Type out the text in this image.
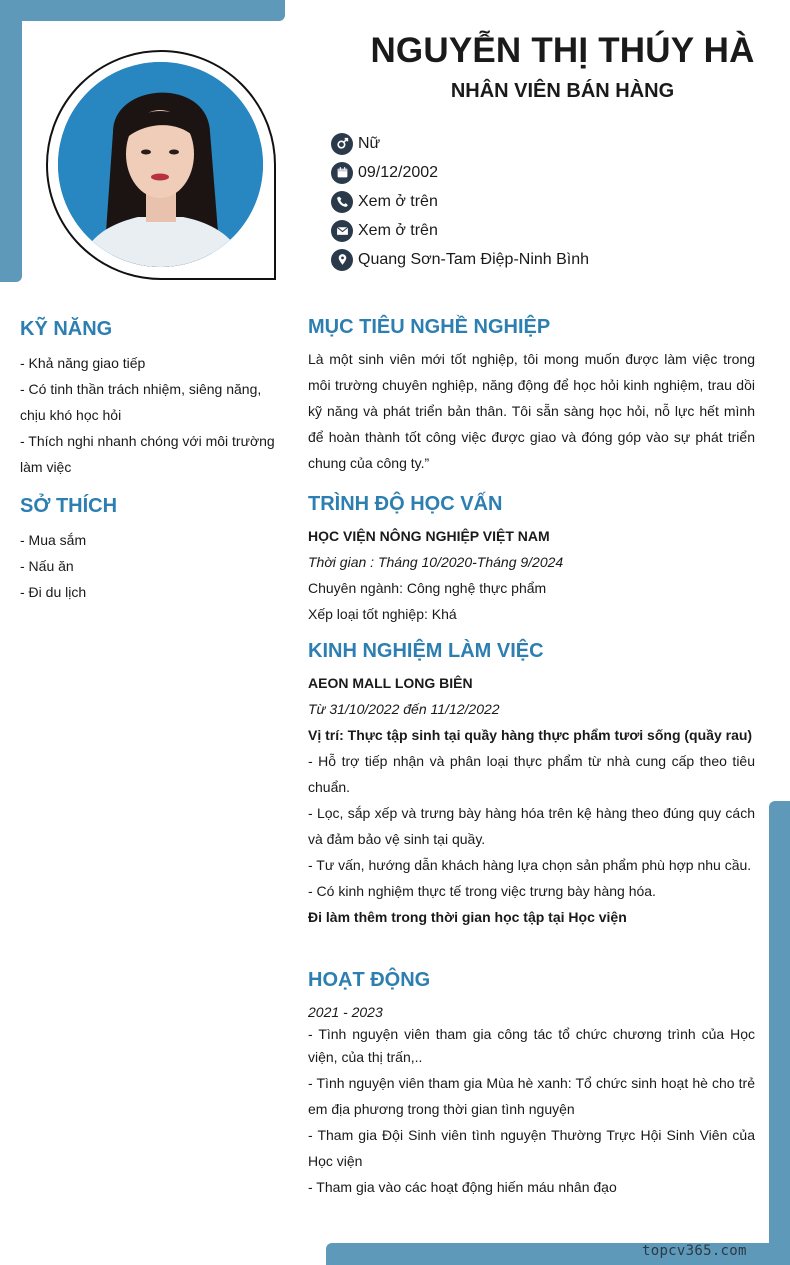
topcv365.com
NGUYỄN THỊ THÚY HÀ
NHÂN VIÊN BÁN HÀNG
Nữ
09/12/2002
Xem ở trên
Xem ở trên
Quang Sơn-Tam Điệp-Ninh Bình
KỸ NĂNG
- Khả năng giao tiếp
- Có tinh thần trách nhiệm, siêng năng,
chịu khó học hỏi
- Thích nghi nhanh chóng với môi trường
làm việc
SỞ THÍCH
- Mua sắm
- Nấu ăn
- Đi du lịch
MỤC TIÊU NGHỀ NGHIỆP
Là một sinh viên mới tốt nghiệp, tôi mong muốn được làm việc trong môi trường chuyên nghiệp, năng động để học hỏi kinh nghiệm, trau dồi kỹ năng và phát triển bản thân. Tôi sẵn sàng học hỏi, nỗ lực hết mình để hoàn thành tốt công việc được giao và đóng góp vào sự phát triển chung của công ty.”
TRÌNH ĐỘ HỌC VẤN
HỌC VIỆN NÔNG NGHIỆP VIỆT NAM
Thời gian : Tháng 10/2020-Tháng 9/2024
Chuyên ngành: Công nghệ thực phẩm
Xếp loại tốt nghiệp: Khá
KINH NGHIỆM LÀM VIỆC
AEON MALL LONG BIÊN
Từ 31/10/2022 đến 11/12/2022
Vị trí: Thực tập sinh tại quầy hàng thực phẩm tươi sống (quầy rau)
- Hỗ trợ tiếp nhận và phân loại thực phẩm từ nhà cung cấp theo tiêu chuẩn.
- Lọc, sắp xếp và trưng bày hàng hóa trên kệ hàng theo đúng quy cách và đảm bảo vệ sinh tại quầy.
- Tư vấn, hướng dẫn khách hàng lựa chọn sản phẩm phù hợp nhu cầu.
- Có kinh nghiệm thực tế trong việc trưng bày hàng hóa.
Đi làm thêm trong thời gian học tập tại Học viện
HOẠT ĐỘNG
2021 - 2023
- Tình nguyện viên tham gia công tác tổ chức chương trình của Học viện, của thị trấn,..
- Tình nguyện viên tham gia Mùa hè xanh: Tổ chức sinh hoạt hè cho trẻ em địa phương trong thời gian tình nguyện
- Tham gia Đội Sinh viên tình nguyện Thường Trực Hội Sinh Viên của Học viện
- Tham gia vào các hoạt động hiến máu nhân đạo
